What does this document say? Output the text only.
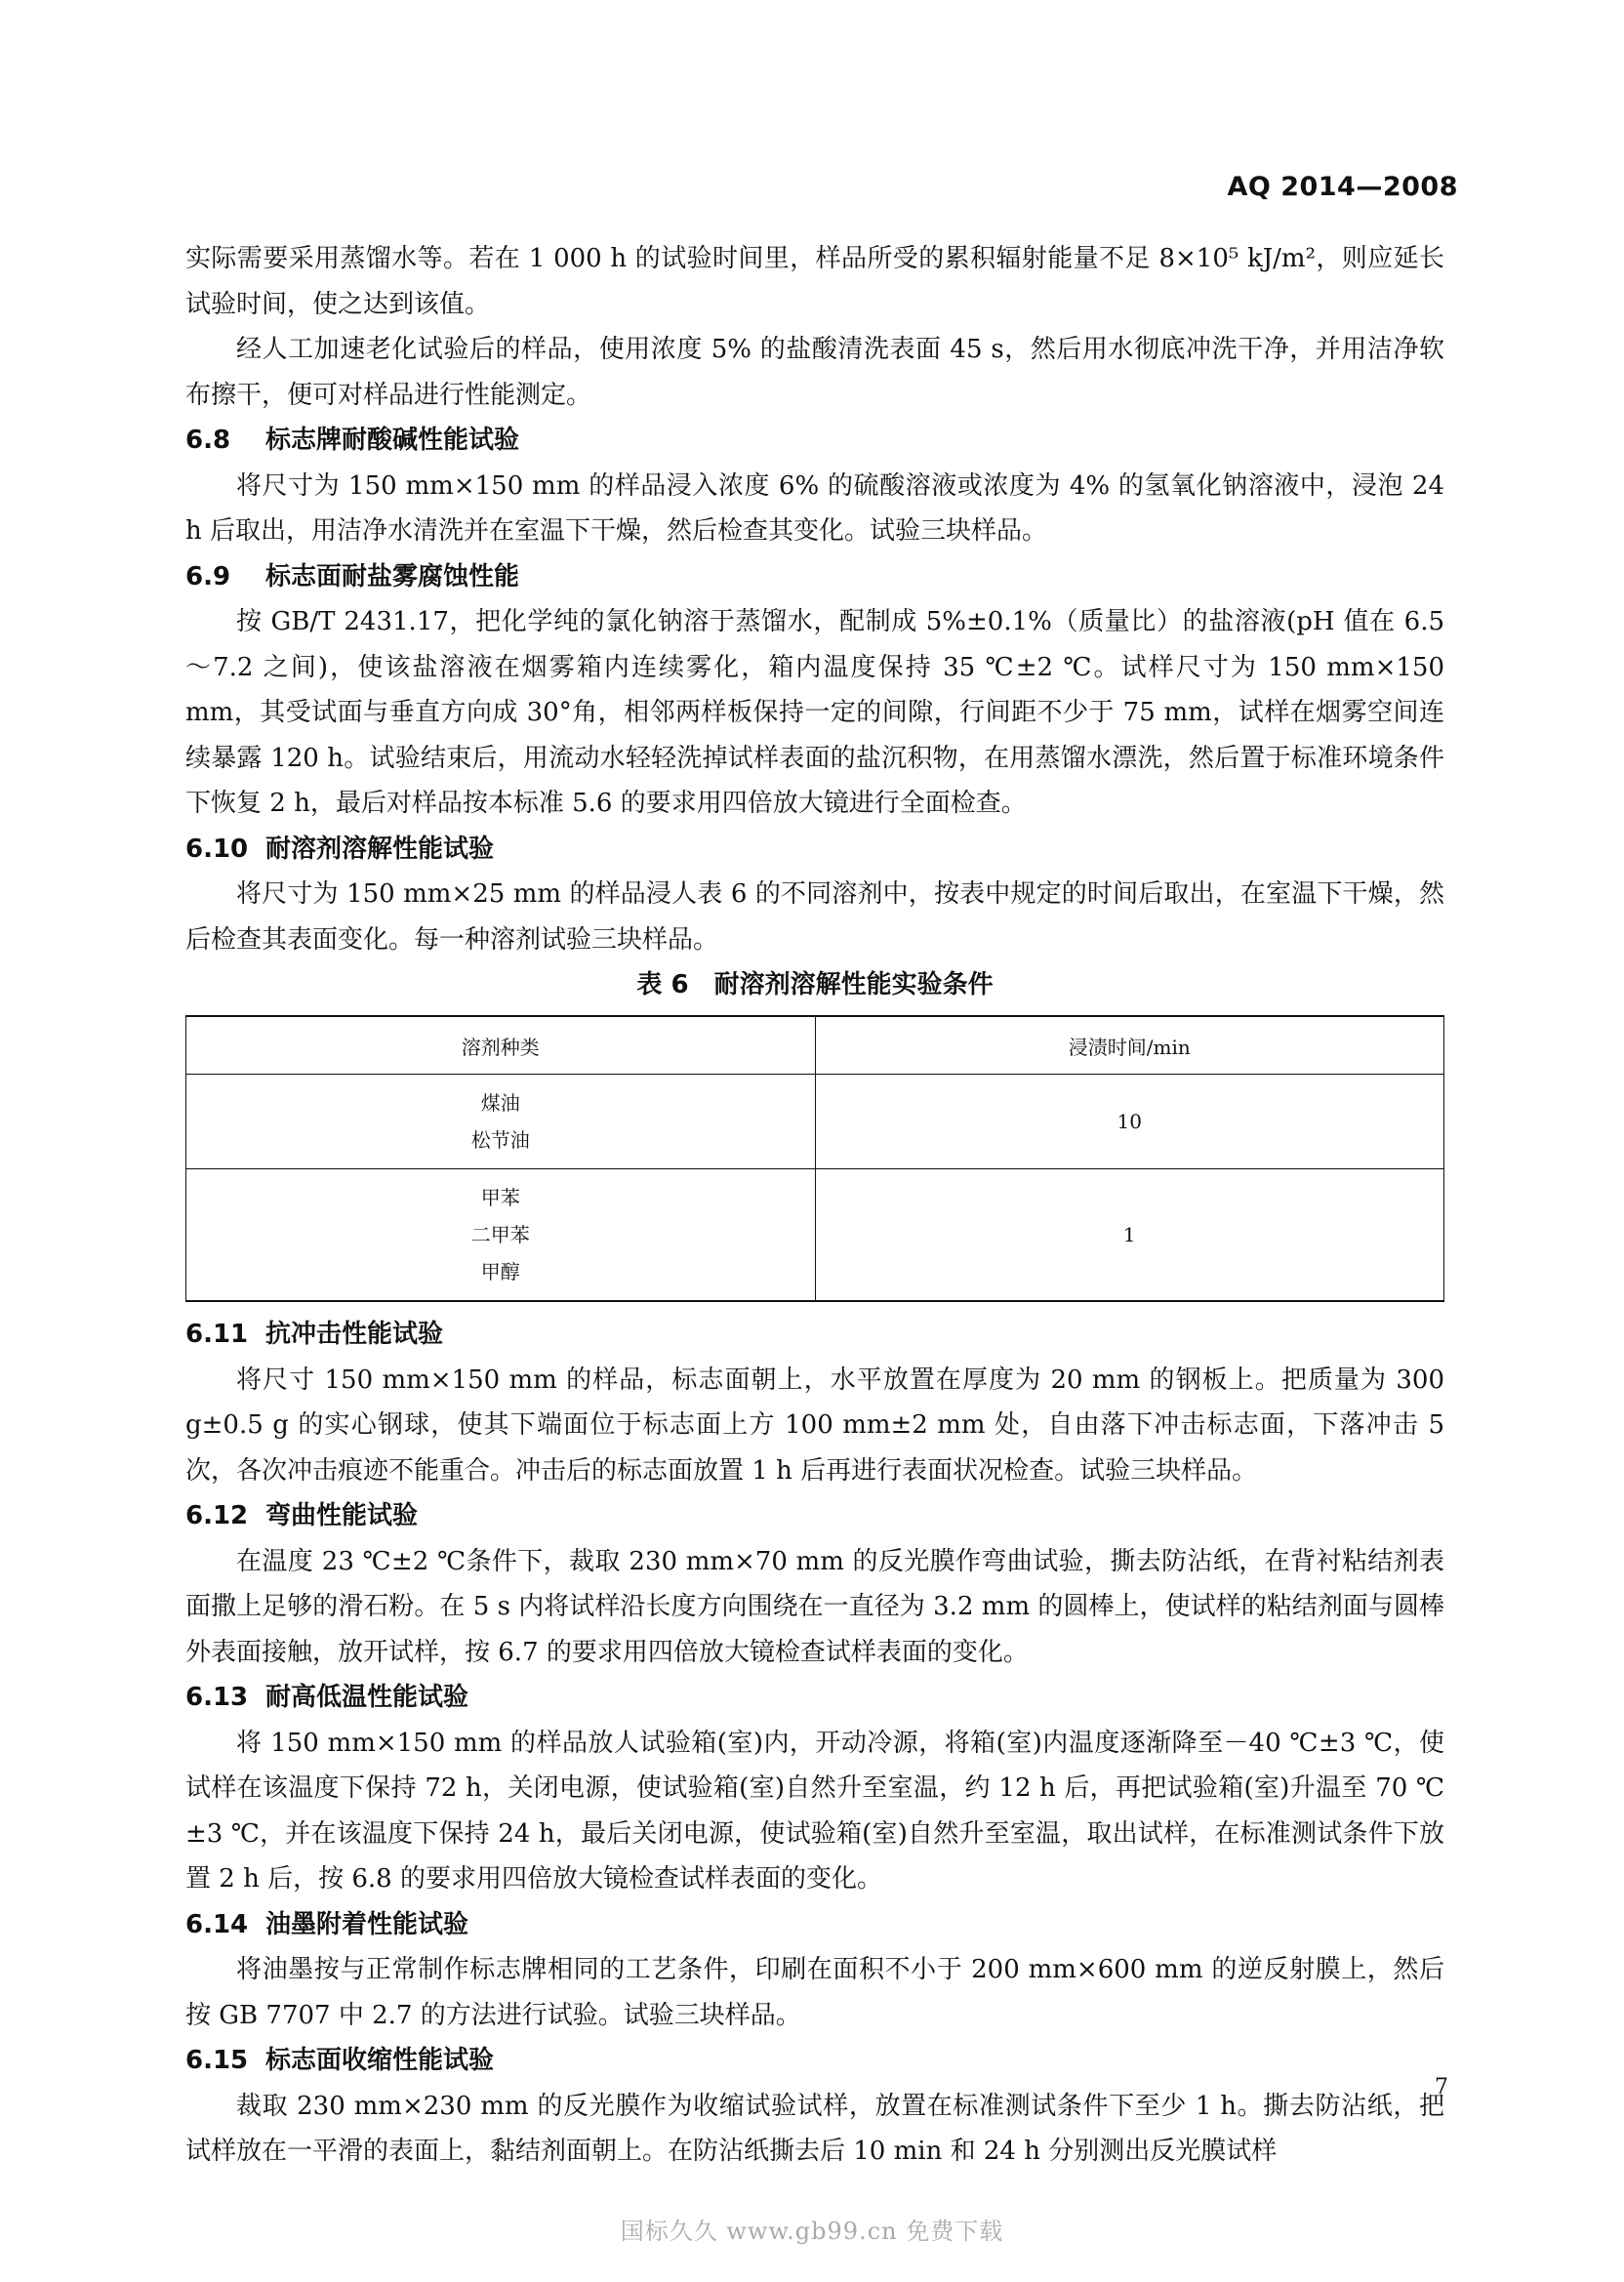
AQ 2014—2008

实际需要采用蒸馏水等。若在 1 000 h 的试验时间里，样品所受的累积辐射能量不足 8×10⁵ kJ/m²，则应延长试验时间，使之达到该值。

经人工加速老化试验后的样品，使用浓度 5% 的盐酸清洗表面 45 s，然后用水彻底冲洗干净，并用洁净软布擦干，便可对样品进行性能测定。

6.8 标志牌耐酸碱性能试验

将尺寸为 150 mm×150 mm 的样品浸入浓度 6% 的硫酸溶液或浓度为 4% 的氢氧化钠溶液中，浸泡 24 h 后取出，用洁净水清洗并在室温下干燥，然后检查其变化。试验三块样品。

6.9 标志面耐盐雾腐蚀性能

按 GB/T 2431.17，把化学纯的氯化钠溶于蒸馏水，配制成 5%±0.1%（质量比）的盐溶液(pH 值在 6.5～7.2 之间)，使该盐溶液在烟雾箱内连续雾化，箱内温度保持 35 ℃±2 ℃。试样尺寸为 150 mm×150 mm，其受试面与垂直方向成 30°角，相邻两样板保持一定的间隙，行间距不少于 75 mm，试样在烟雾空间连续暴露 120 h。试验结束后，用流动水轻轻洗掉试样表面的盐沉积物，在用蒸馏水漂洗，然后置于标准环境条件下恢复 2 h，最后对样品按本标准 5.6 的要求用四倍放大镜进行全面检查。

6.10 耐溶剂溶解性能试验

将尺寸为 150 mm×25 mm 的样品浸人表 6 的不同溶剂中，按表中规定的时间后取出，在室温下干燥，然后检查其表面变化。每一种溶剂试验三块样品。

表 6　耐溶剂溶解性能实验条件

溶剂种类	浸渍时间/min

煤油
松节油	10

甲苯
二甲苯
甲醇	1

6.11 抗冲击性能试验

将尺寸 150 mm×150 mm 的样品，标志面朝上，水平放置在厚度为 20 mm 的钢板上。把质量为 300 g±0.5 g 的实心钢球，使其下端面位于标志面上方 100 mm±2 mm 处，自由落下冲击标志面，下落冲击 5 次，各次冲击痕迹不能重合。冲击后的标志面放置 1 h 后再进行表面状况检查。试验三块样品。

6.12 弯曲性能试验

在温度 23 ℃±2 ℃条件下，裁取 230 mm×70 mm 的反光膜作弯曲试验，撕去防沾纸，在背衬粘结剂表面撒上足够的滑石粉。在 5 s 内将试样沿长度方向围绕在一直径为 3.2 mm 的圆棒上，使试样的粘结剂面与圆棒外表面接触，放开试样，按 6.7 的要求用四倍放大镜检查试样表面的变化。

6.13 耐高低温性能试验

将 150 mm×150 mm 的样品放人试验箱(室)内，开动冷源，将箱(室)内温度逐渐降至－40 ℃±3 ℃，使试样在该温度下保持 72 h，关闭电源，使试验箱(室)自然升至室温，约 12 h 后，再把试验箱(室)升温至 70 ℃±3 ℃，并在该温度下保持 24 h，最后关闭电源，使试验箱(室)自然升至室温，取出试样，在标准测试条件下放置 2 h 后，按 6.8 的要求用四倍放大镜检查试样表面的变化。

6.14 油墨附着性能试验

将油墨按与正常制作标志牌相同的工艺条件，印刷在面积不小于 200 mm×600 mm 的逆反射膜上，然后按 GB 7707 中 2.7 的方法进行试验。试验三块样品。

6.15 标志面收缩性能试验

裁取 230 mm×230 mm 的反光膜作为收缩试验试样，放置在标准测试条件下至少 1 h。撕去防沾纸，把试样放在一平滑的表面上，黏结剂面朝上。在防沾纸撕去后 10 min 和 24 h 分别测出反光膜试样

7
国标久久 www.gb99.cn 免费下载
